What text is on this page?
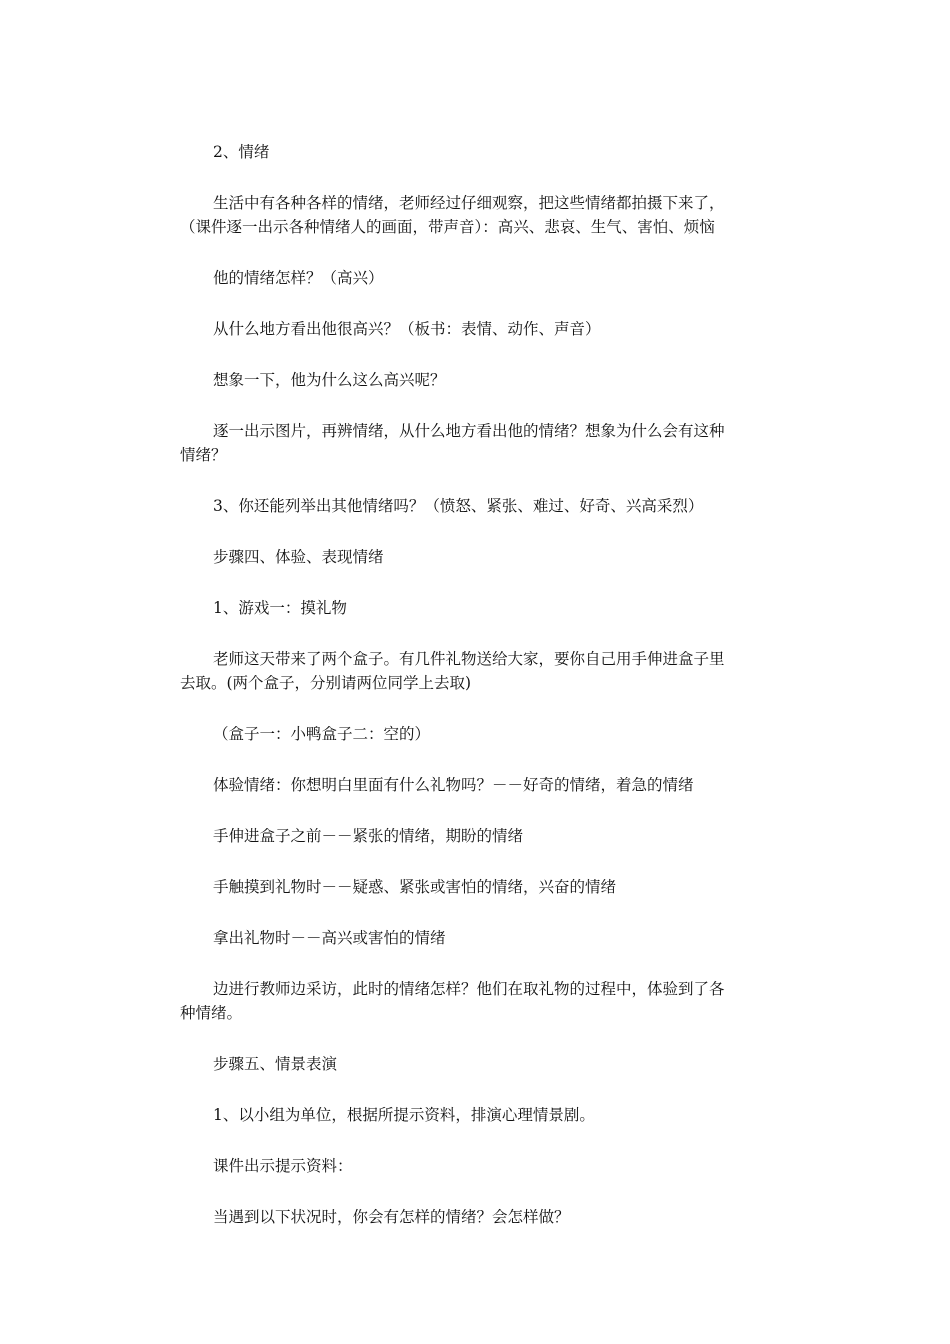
2、情绪

生活中有各种各样的情绪，老师经过仔细观察，把这些情绪都拍摄下来了，
（课件逐一出示各种情绪人的画面，带声音）：高兴、悲哀、生气、害怕、烦恼

他的情绪怎样？（高兴）

从什么地方看出他很高兴？（板书：表情、动作、声音）

想象一下，他为什么这么高兴呢？

逐一出示图片，再辨情绪，从什么地方看出他的情绪？想象为什么会有这种
情绪？

3、你还能列举出其他情绪吗？（愤怒、紧张、难过、好奇、兴高采烈）

步骤四、体验、表现情绪

1、游戏一：摸礼物

老师这天带来了两个盒子。有几件礼物送给大家，要你自己用手伸进盒子里
去取。(两个盒子，分别请两位同学上去取)

（盒子一：小鸭盒子二：空的）

体验情绪：你想明白里面有什么礼物吗？－－好奇的情绪，着急的情绪

手伸进盒子之前－－紧张的情绪，期盼的情绪

手触摸到礼物时－－疑惑、紧张或害怕的情绪，兴奋的情绪

拿出礼物时－－高兴或害怕的情绪

边进行教师边采访，此时的情绪怎样？他们在取礼物的过程中，体验到了各
种情绪。

步骤五、情景表演

1、以小组为单位，根据所提示资料，排演心理情景剧。

课件出示提示资料：

当遇到以下状况时，你会有怎样的情绪？会怎样做？
